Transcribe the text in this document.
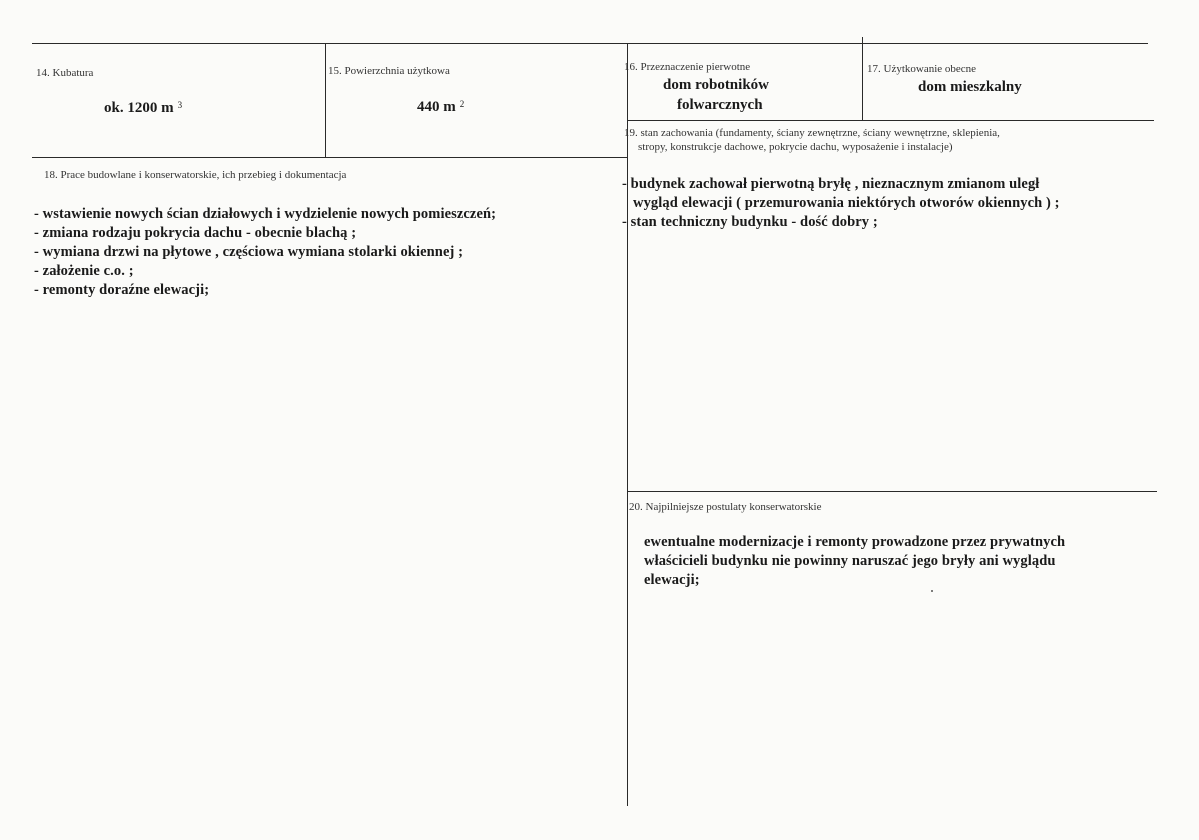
14. Kubatura
ok. 1200 m $^3$
15. Powierzchnia użytkowa
440 m $^2$
16. Przeznaczenie pierwotne
dom robotników
folwarcznych
17. Użytkowanie obecne
dom mieszkalny
18. Prace budowlane i konserwatorskie, ich przebieg i dokumentacja
- wstawienie nowych ścian działowych i wydzielenie nowych pomieszczeń;
- zmiana rodzaju pokrycia dachu - obecnie blachą ;
- wymiana drzwi na płytowe , częściowa wymiana stolarki okiennej ;
- założenie c.o. ;
- remonty doraźne elewacji;
19. stan zachowania (fundamenty, ściany zewnętrzne, ściany wewnętrzne, sklepienia,
stropy, konstrukcje dachowe, pokrycie dachu, wyposażenie i instalacje)
- budynek zachował pierwotną bryłę , nieznacznym zmianom uległ
wygląd elewacji ( przemurowania niektórych otworów okiennych ) ;
- stan techniczny budynku - dość dobry ;
20. Najpilniejsze postulaty konserwatorskie
ewentualne modernizacje i remonty prowadzone przez prywatnych
właścicieli budynku nie powinny naruszać jego bryły ani wyglądu
elewacji;
